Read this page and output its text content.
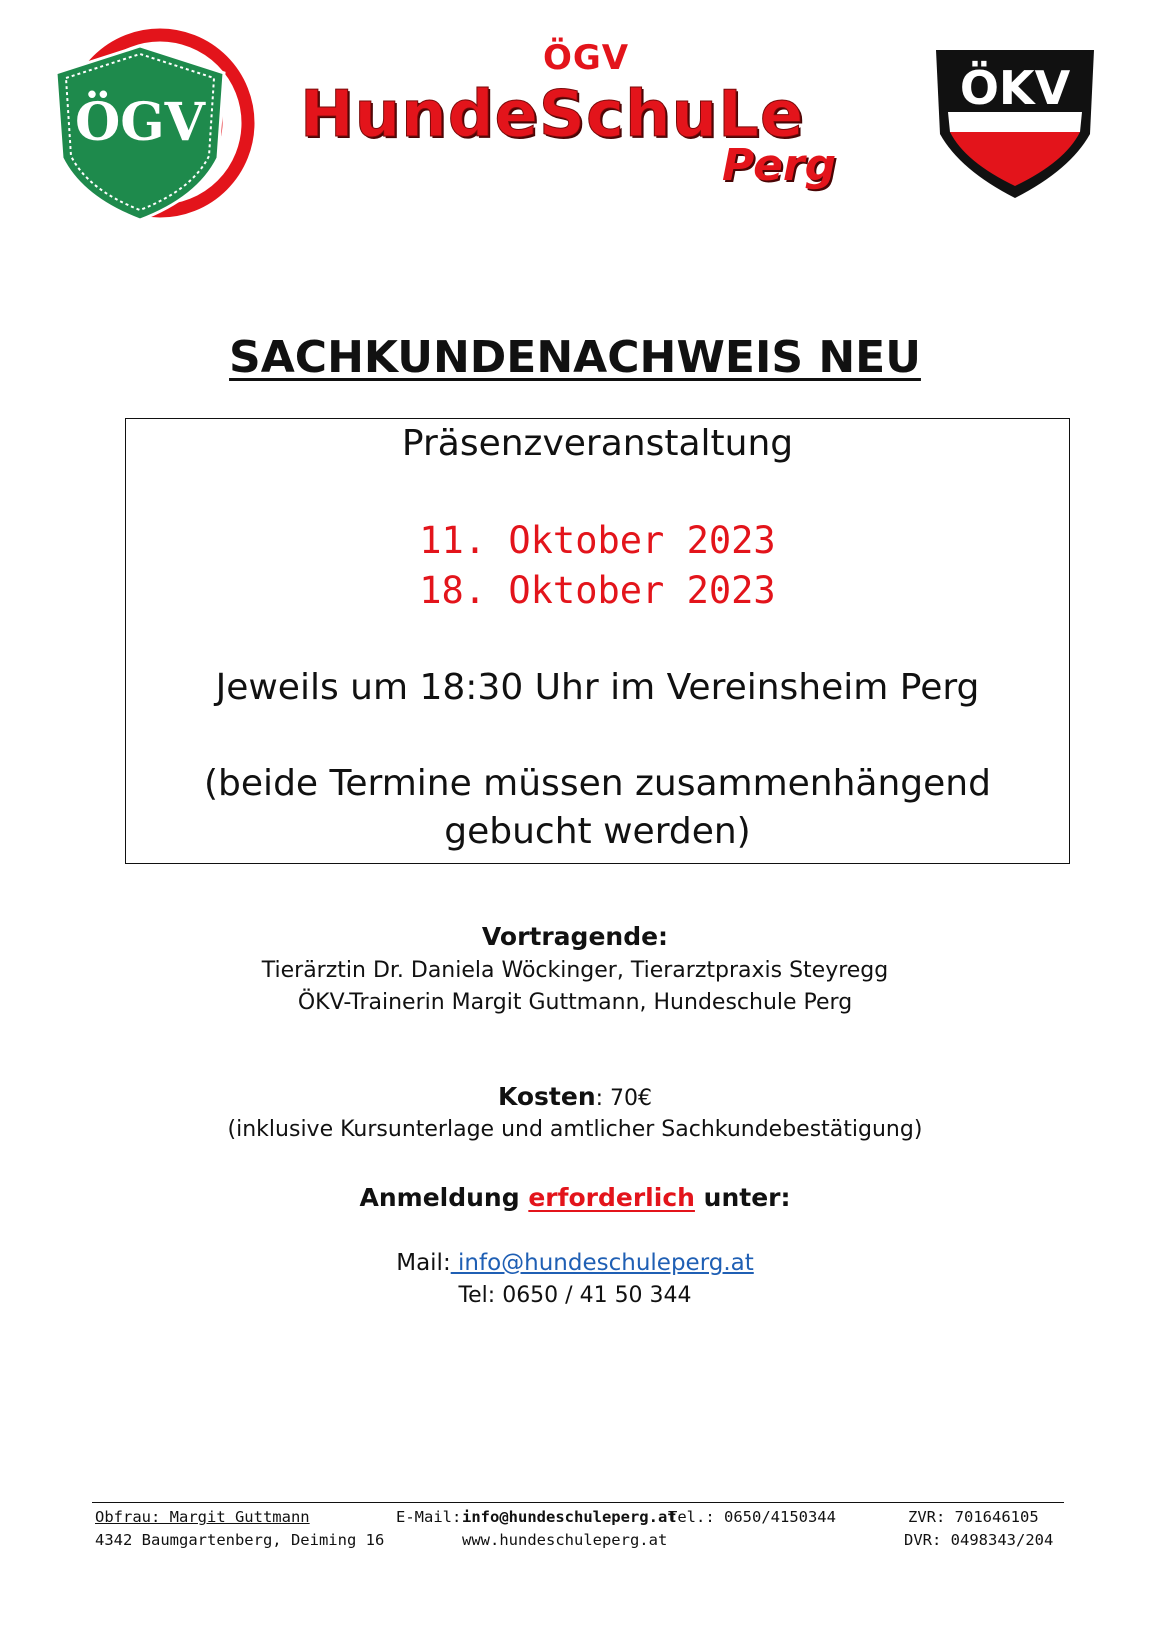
ÖGV
ÖGV
HundeSchuLe
Perg
ÖKV
SACHKUNDENACHWEIS NEU
Präsenzveranstaltung
11. Oktober 2023
18. Oktober 2023
Jeweils um 18:30 Uhr im Vereinsheim Perg
(beide Termine müssen zusammenhängend
gebucht werden)
Vortragende:
Tierärztin Dr. Daniela Wöckinger, Tierarztpraxis Steyregg
ÖKV-Trainerin Margit Guttmann, Hundeschule Perg
Kosten: 70€
(inklusive Kursunterlage und amtlicher Sachkundebestätigung)
Anmeldung erforderlich unter:
Mail: info@hundeschuleperg.at
Tel: 0650 / 41 50 344
Obfrau: Margit Guttmann
4342 Baumgartenberg, Deiming 16
E-Mail: info@hundeschuleperg.at
Tel.: 0650/4150344
www.hundeschuleperg.at
ZVR: 701646105
DVR: 0498343/204
